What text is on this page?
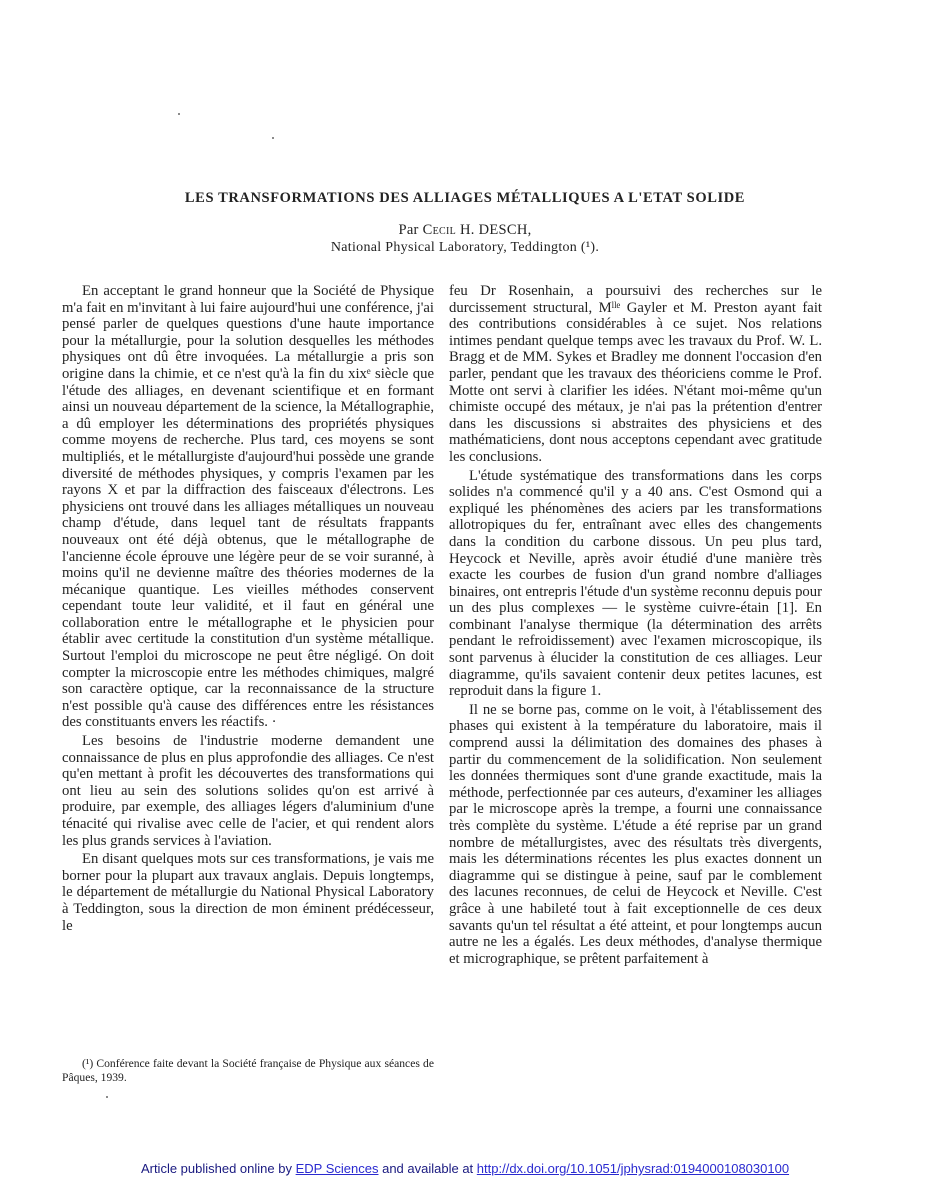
LES TRANSFORMATIONS DES ALLIAGES MÉTALLIQUES A L'ETAT SOLIDE
Par Cecil H. DESCH,
National Physical Laboratory, Teddington (¹).

En acceptant le grand honneur que la Société de Physique m'a fait en m'invitant à lui faire aujourd'hui une conférence, j'ai pensé parler de quelques questions d'une haute importance pour la métallurgie, pour la solution desquelles les méthodes physiques ont dû être invoquées. La métallurgie a pris son origine dans la chimie, et ce n'est qu'à la fin du xixᵉ siècle que l'étude des alliages, en devenant scientifique et en formant ainsi un nouveau département de la science, la Métallographie, a dû employer les déterminations des propriétés physiques comme moyens de recherche. Plus tard, ces moyens se sont multipliés, et le métallurgiste d'aujourd'hui possède une grande diversité de méthodes physiques, y compris l'examen par les rayons X et par la diffraction des faisceaux d'électrons. Les physiciens ont trouvé dans les alliages métalliques un nouveau champ d'étude, dans lequel tant de résultats frappants nouveaux ont été déjà obtenus, que le métallographe de l'ancienne école éprouve une légère peur de se voir suranné, à moins qu'il ne devienne maître des théories modernes de la mécanique quantique. Les vieilles méthodes conservent cependant toute leur validité, et il faut en général une collaboration entre le métallographe et le physicien pour établir avec certitude la constitution d'un système métallique. Surtout l'emploi du microscope ne peut être négligé. On doit compter la microscopie entre les méthodes chimiques, malgré son caractère optique, car la reconnaissance de la structure n'est possible qu'à cause des différences entre les résistances des constituants envers les réactifs. ·

Les besoins de l'industrie moderne demandent une connaissance de plus en plus approfondie des alliages. Ce n'est qu'en mettant à profit les découvertes des transformations qui ont lieu au sein des solutions solides qu'on est arrivé à produire, par exemple, des alliages légers d'aluminium d'une ténacité qui rivalise avec celle de l'acier, et qui rendent alors les plus grands services à l'aviation.

En disant quelques mots sur ces transformations, je vais me borner pour la plupart aux travaux anglais. Depuis longtemps, le département de métallurgie du National Physical Laboratory à Teddington, sous la direction de mon éminent prédécesseur, le

feu Dr Rosenhain, a poursuivi des recherches sur le durcissement structural, Mˡˡᵉ Gayler et M. Preston ayant fait des contributions considérables à ce sujet. Nos relations intimes pendant quelque temps avec les travaux du Prof. W. L. Bragg et de MM. Sykes et Bradley me donnent l'occasion d'en parler, pendant que les travaux des théoriciens comme le Prof. Motte ont servi à clarifier les idées. N'étant moi-même qu'un chimiste occupé des métaux, je n'ai pas la prétention d'entrer dans les discussions si abstraites des physiciens et des mathématiciens, dont nous acceptons cependant avec gratitude les conclusions.

L'étude systématique des transformations dans les corps solides n'a commencé qu'il y a 40 ans. C'est Osmond qui a expliqué les phénomènes des aciers par les transformations allotropiques du fer, entraînant avec elles des changements dans la condition du carbone dissous. Un peu plus tard, Heycock et Neville, après avoir étudié d'une manière très exacte les courbes de fusion d'un grand nombre d'alliages binaires, ont entrepris l'étude d'un système reconnu depuis pour un des plus complexes — le système cuivre-étain [1]. En combinant l'analyse thermique (la détermination des arrêts pendant le refroidissement) avec l'examen microscopique, ils sont parvenus à élucider la constitution de ces alliages. Leur diagramme, qu'ils savaient contenir deux petites lacunes, est reproduit dans la figure 1.

Il ne se borne pas, comme on le voit, à l'établissement des phases qui existent à la température du laboratoire, mais il comprend aussi la délimitation des domaines des phases à partir du commencement de la solidification. Non seulement les données thermiques sont d'une grande exactitude, mais la méthode, perfectionnée par ces auteurs, d'examiner les alliages par le microscope après la trempe, a fourni une connaissance très complète du système. L'étude a été reprise par un grand nombre de métallurgistes, avec des résultats très divergents, mais les déterminations récentes les plus exactes donnent un diagramme qui se distingue à peine, sauf par le comblement des lacunes reconnues, de celui de Heycock et Neville. C'est grâce à une habileté tout à fait exceptionnelle de ces deux savants qu'un tel résultat a été atteint, et pour longtemps aucun autre ne les a égalés. Les deux méthodes, d'analyse thermique et micrographique, se prêtent parfaitement à

(¹) Conférence faite devant la Société française de Physique aux séances de Pâques, 1939.
Article published online by EDP Sciences and available at http://dx.doi.org/10.1051/jphysrad:0194000108030100
